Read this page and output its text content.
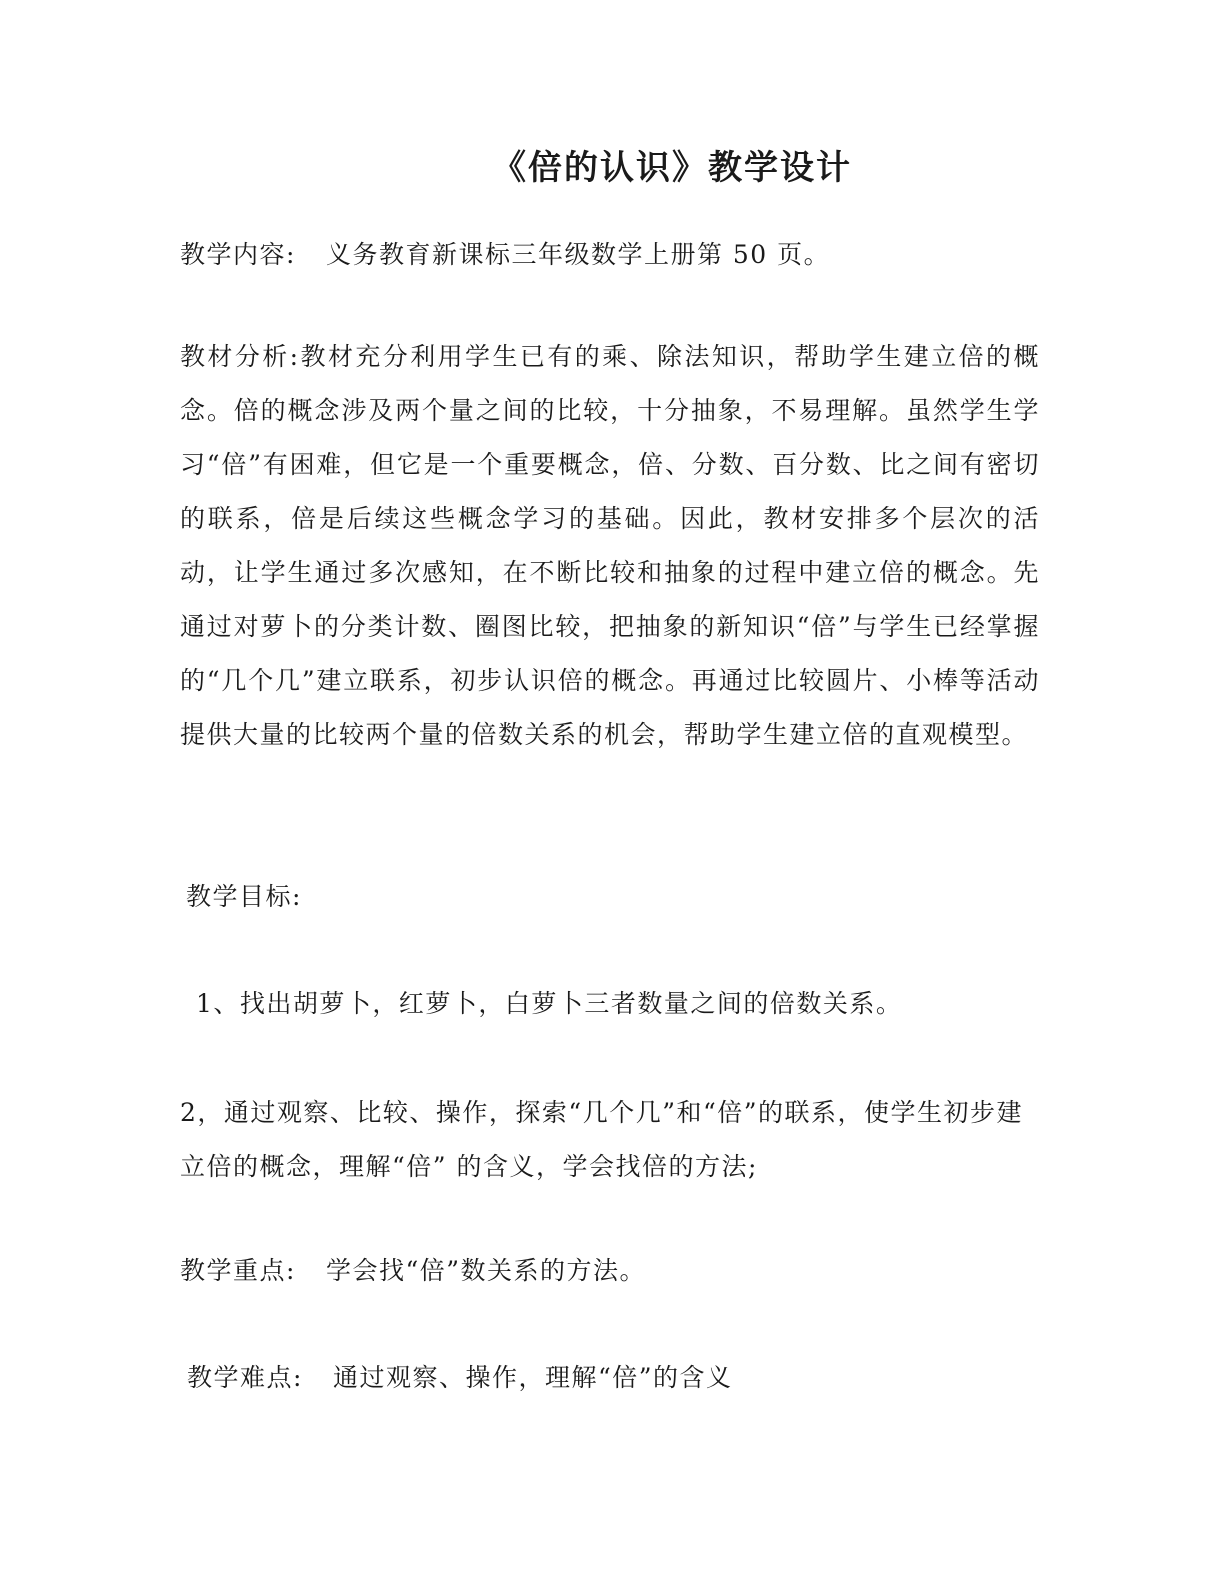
《倍的认识》教学设计
教学内容: 义务教育新课标三年级数学上册第 50 页。
教材分析:教材充分利用学生已有的乘、除法知识，帮助学生建立倍的概念。倍的概念涉及两个量之间的比较，十分抽象，不易理解。虽然学生学习“倍”有困难，但它是一个重要概念，倍、分数、百分数、比之间有密切的联系，倍是后续这些概念学习的基础。因此，教材安排多个层次的活动，让学生通过多次感知，在不断比较和抽象的过程中建立倍的概念。先通过对萝卜的分类计数、圈图比较，把抽象的新知识“倍”与学生已经掌握的“几个几”建立联系，初步认识倍的概念。再通过比较圆片、小棒等活动提供大量的比较两个量的倍数关系的机会，帮助学生建立倍的直观模型。
教学目标:
1、找出胡萝卜，红萝卜，白萝卜三者数量之间的倍数关系。
2，通过观察、比较、操作，探索“几个几”和“倍”的联系，使学生初步建立倍的概念，理解“倍” 的含义，学会找倍的方法;
教学重点: 学会找“倍”数关系的方法。
教学难点: 通过观察、操作，理解“倍”的含义
